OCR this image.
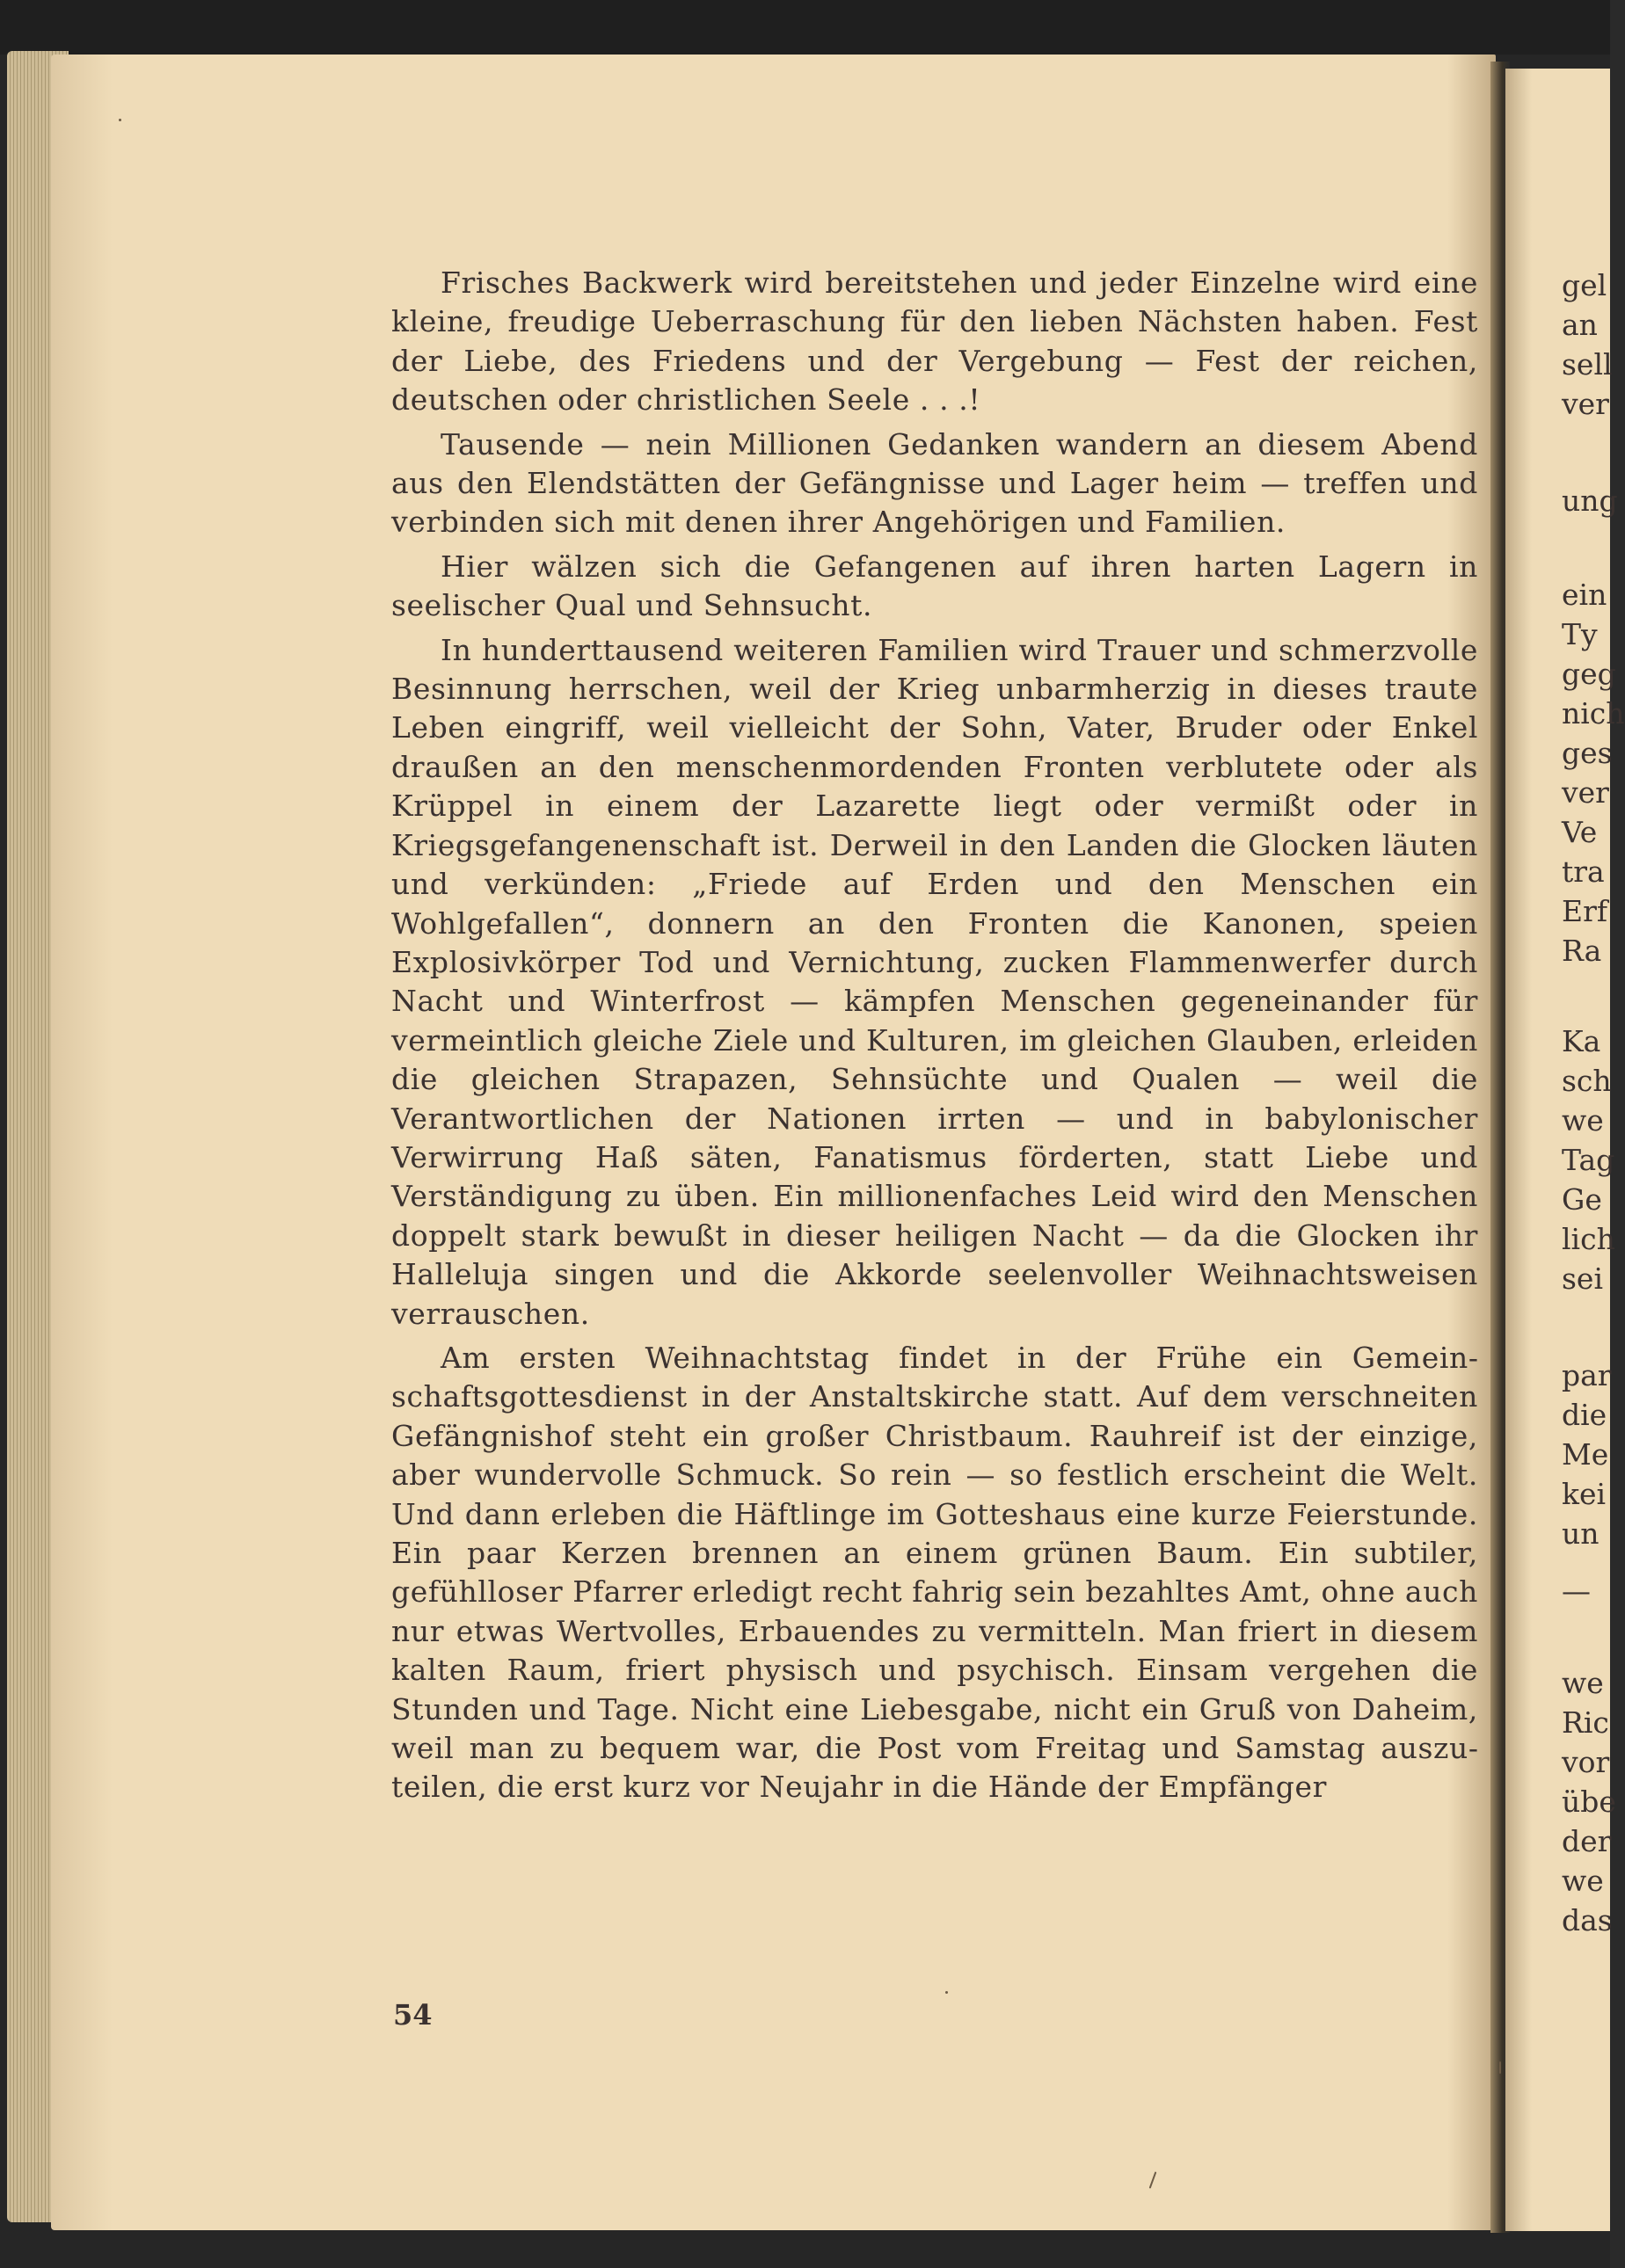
Frisches Backwerk wird bereitstehen und jeder Einzelne wird eine kleine, freudige Ueberraschung für den lieben Nächsten haben. Fest der Liebe, des Friedens und der Vergebung — Fest der reichen, deutschen oder christlichen Seele . . .!

Tausende — nein Millionen Gedanken wandern an diesem Abend aus den Elendstätten der Gefängnisse und Lager heim — treffen und verbinden sich mit denen ihrer Angehörigen und Familien.

Hier wälzen sich die Gefangenen auf ihren harten Lagern in seelischer Qual und Sehnsucht.

In hunderttausend weiteren Familien wird Trauer und schmerzvolle Besinnung herrschen, weil der Krieg unbarmherzig in dieses traute Leben eingriff, weil vielleicht der Sohn, Vater, Bruder oder Enkel draußen an den menschenmordenden Fronten verblutete oder als Krüppel in einem der Lazarette liegt oder vermißt oder in Kriegsgefangenenschaft ist. Derweil in den Landen die Glocken läuten und verkünden: „Friede auf Erden und den Menschen ein Wohlgefallen“, donnern an den Fronten die Kanonen, speien Explosivkörper Tod und Vernichtung, zucken Flammenwerfer durch Nacht und Winterfrost — kämpfen Menschen gegeneinander für vermeintlich gleiche Ziele und Kulturen, im gleichen Glauben, erleiden die gleichen Strapazen, Sehnsüchte und Qualen — weil die Verantwortlichen der Nationen irrten — und in babylonischer Verwirrung Haß säten, Fanatismus förderten, statt Liebe und Verständigung zu üben. Ein millionenfaches Leid wird den Menschen doppelt stark bewußt in dieser heiligen Nacht — da die Glocken ihr Halleluja singen und die Akkorde seelenvoller Weihnachtsweisen verrauschen.

Am ersten Weihnachtstag findet in der Frühe ein Gemeinschaftsgottesdienst in der Anstaltskirche statt. Auf dem verschneiten Gefängnishof steht ein großer Christbaum. Rauhreif ist der einzige, aber wundervolle Schmuck. So rein — so festlich erscheint die Welt. Und dann erleben die Häftlinge im Gotteshaus eine kurze Feierstunde. Ein paar Kerzen brennen an einem grünen Baum. Ein subtiler, gefühlloser Pfarrer erledigt recht fahrig sein bezahltes Amt, ohne auch nur etwas Wertvolles, Erbauendes zu vermitteln. Man friert in diesem kalten Raum, friert physisch und psychisch. Einsam vergehen die Stunden und Tage. Nicht eine Liebesgabe, nicht ein Gruß von Daheim, weil man zu bequem war, die Post vom Freitag und Samstag auszuteilen, die erst kurz vor Neujahr in die Hände der Empfänger

54
gel
an
sell
ver
ung
ein
Ty
geg
nich
ges
ver
Ve
tra
Erf
Ra
Ka
sch
we
Tag
Ge
lich
sei
par
die
Me
kei
un
—
we
Ric
vor
übe
der
we
das
